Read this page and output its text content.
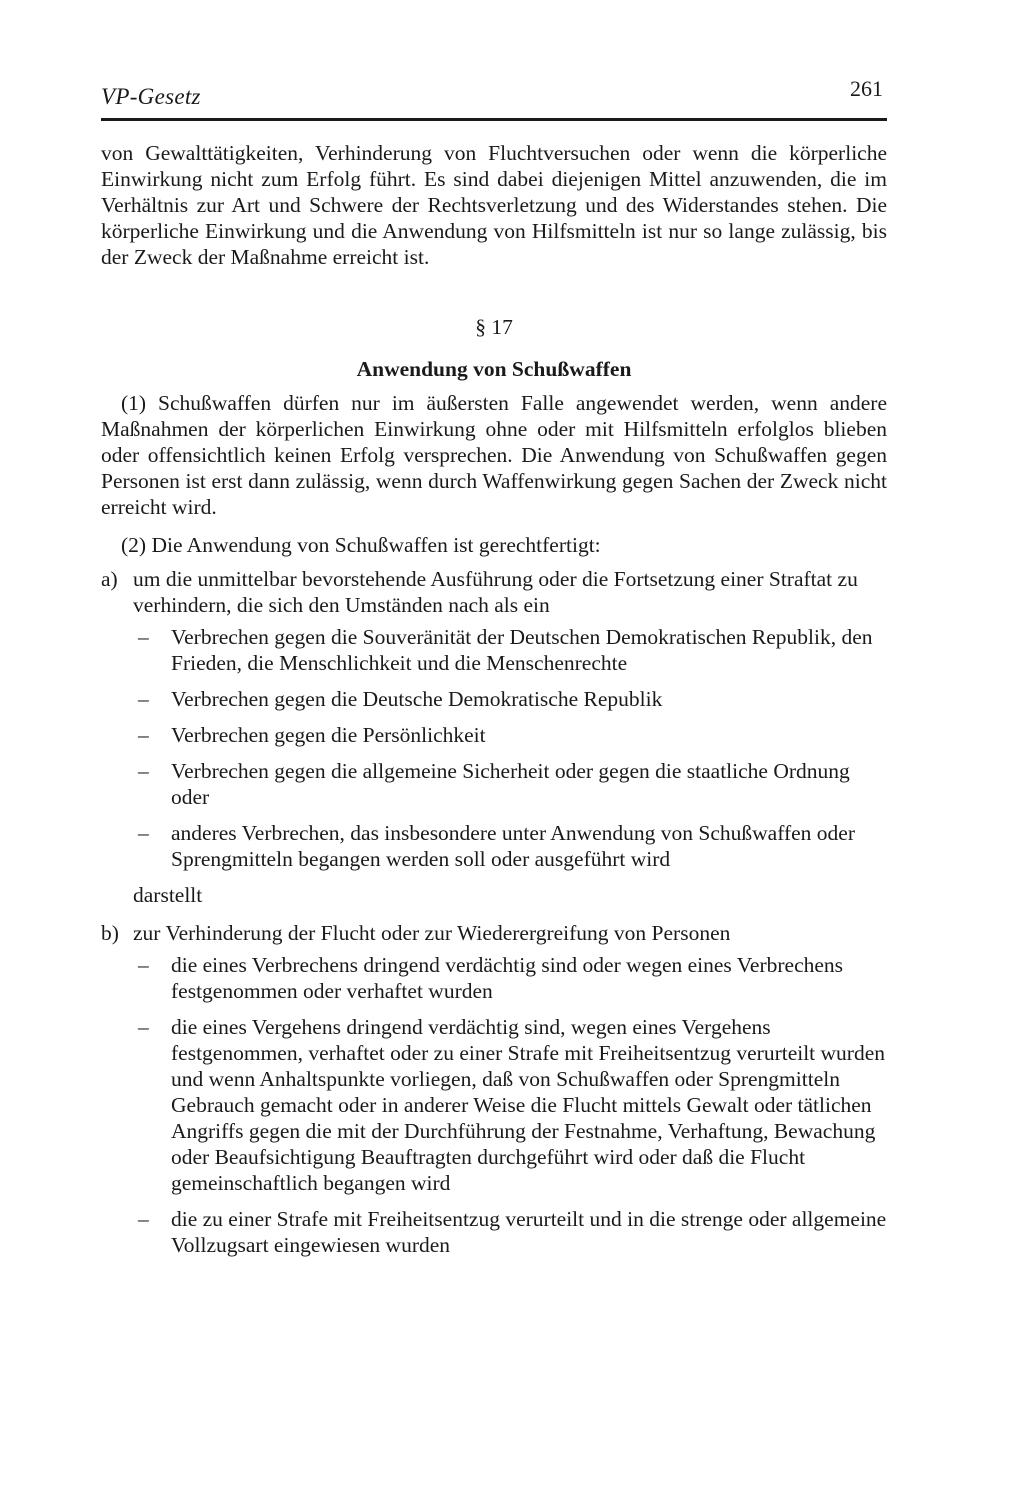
VP-Gesetz	261

von Gewalttätigkeiten, Verhinderung von Fluchtversuchen oder wenn die körperliche Einwirkung nicht zum Erfolg führt. Es sind dabei diejenigen Mittel anzuwenden, die im Verhältnis zur Art und Schwere der Rechtsverletzung und des Widerstandes stehen. Die körperliche Einwirkung und die Anwendung von Hilfsmitteln ist nur so lange zulässig, bis der Zweck der Maßnahme erreicht ist.

§ 17

Anwendung von Schußwaffen

(1) Schußwaffen dürfen nur im äußersten Falle angewendet werden, wenn andere Maßnahmen der körperlichen Einwirkung ohne oder mit Hilfsmitteln erfolglos blieben oder offensichtlich keinen Erfolg versprechen. Die Anwendung von Schußwaffen gegen Personen ist erst dann zulässig, wenn durch Waffenwirkung gegen Sachen der Zweck nicht erreicht wird.

(2) Die Anwendung von Schußwaffen ist gerechtfertigt:

a) um die unmittelbar bevorstehende Ausführung oder die Fortsetzung einer Straftat zu verhindern, die sich den Umständen nach als ein
– Verbrechen gegen die Souveränität der Deutschen Demokratischen Republik, den Frieden, die Menschlichkeit und die Menschenrechte
– Verbrechen gegen die Deutsche Demokratische Republik
– Verbrechen gegen die Persönlichkeit
– Verbrechen gegen die allgemeine Sicherheit oder gegen die staatliche Ordnung oder
– anderes Verbrechen, das insbesondere unter Anwendung von Schußwaffen oder Sprengmitteln begangen werden soll oder ausgeführt wird

darstellt

b) zur Verhinderung der Flucht oder zur Wiederergreifung von Personen
– die eines Verbrechens dringend verdächtig sind oder wegen eines Verbrechens festgenommen oder verhaftet wurden
– die eines Vergehens dringend verdächtig sind, wegen eines Vergehens festgenommen, verhaftet oder zu einer Strafe mit Freiheitsentzug verurteilt wurden und wenn Anhaltspunkte vorliegen, daß von Schußwaffen oder Sprengmitteln Gebrauch gemacht oder in anderer Weise die Flucht mittels Gewalt oder tätlichen Angriffs gegen die mit der Durchführung der Festnahme, Verhaftung, Bewachung oder Beaufsichtigung Beauftragten durchgeführt wird oder daß die Flucht gemeinschaftlich begangen wird
– die zu einer Strafe mit Freiheitsentzug verurteilt und in die strenge oder allgemeine Vollzugsart eingewiesen wurden
